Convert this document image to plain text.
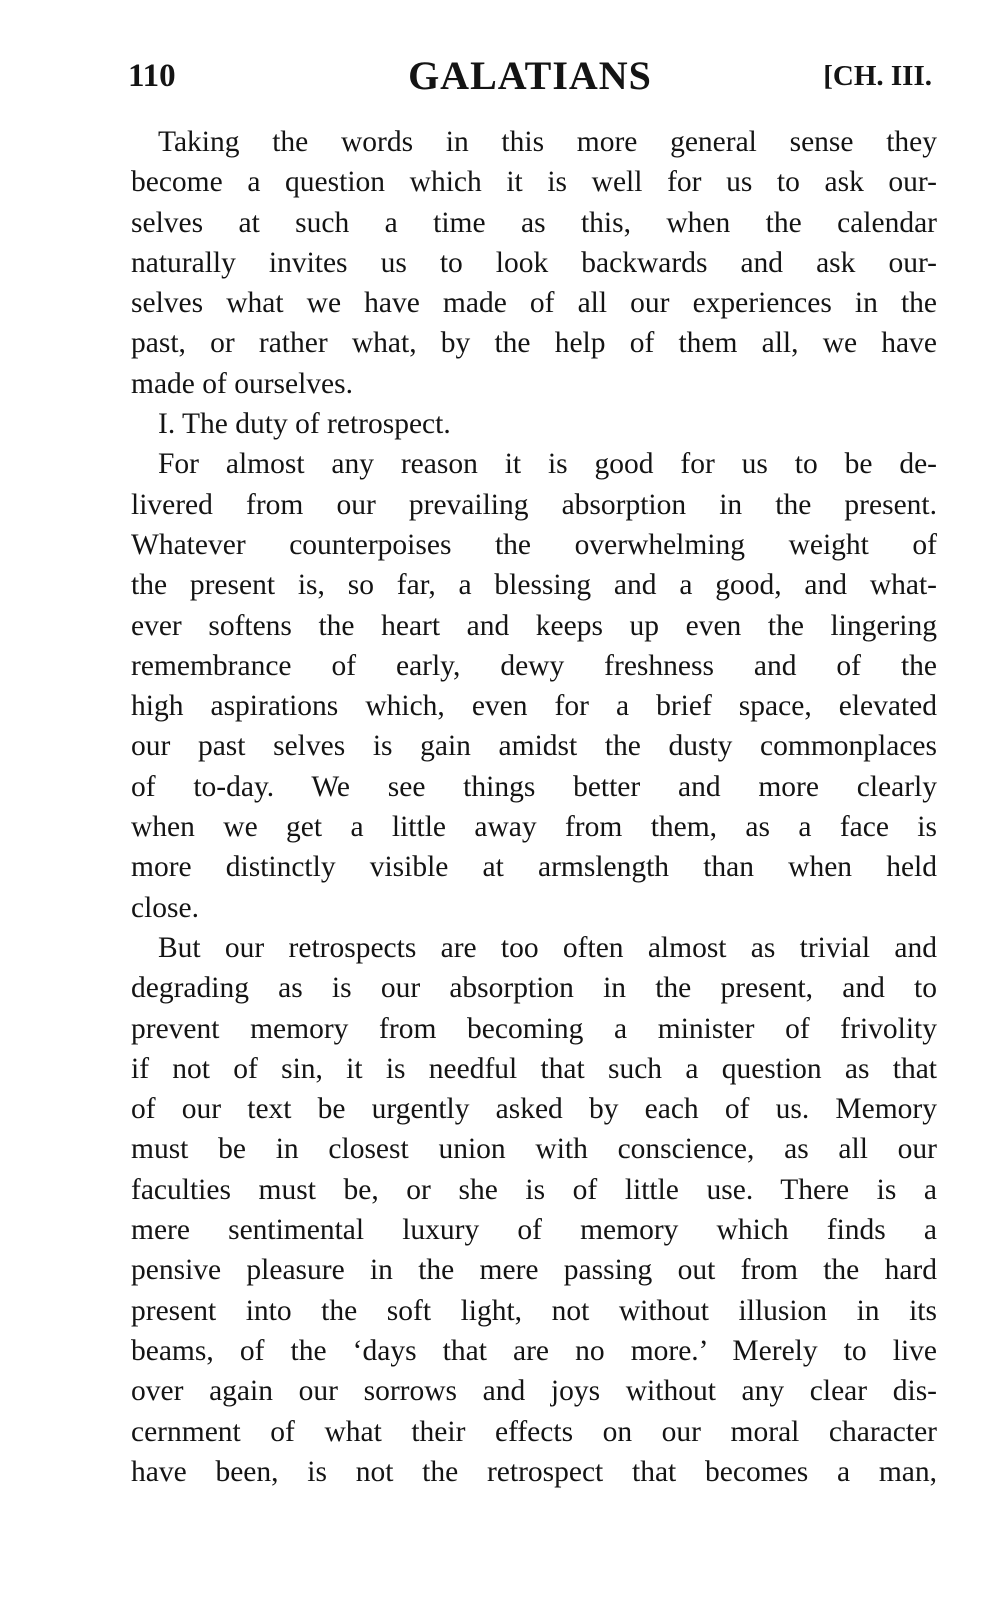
110	GALATIANS	[CH. III.
Taking the words in this more general sense they
become a question which it is well for us to ask our-
selves at such a time as this, when the calendar
naturally invites us to look backwards and ask our-
selves what we have made of all our experiences in the
past, or rather what, by the help of them all, we have
made of ourselves.
I. The duty of retrospect.
For almost any reason it is good for us to be de-
livered from our prevailing absorption in the present.
Whatever counterpoises the overwhelming weight of
the present is, so far, a blessing and a good, and what-
ever softens the heart and keeps up even the lingering
remembrance of early, dewy freshness and of the
high aspirations which, even for a brief space, elevated
our past selves is gain amidst the dusty commonplaces
of to-day. We see things better and more clearly
when we get a little away from them, as a face is
more distinctly visible at armslength than when held
close.
But our retrospects are too often almost as trivial and
degrading as is our absorption in the present, and to
prevent memory from becoming a minister of frivolity
if not of sin, it is needful that such a question as that
of our text be urgently asked by each of us. Memory
must be in closest union with conscience, as all our
faculties must be, or she is of little use. There is a
mere sentimental luxury of memory which finds a
pensive pleasure in the mere passing out from the hard
present into the soft light, not without illusion in its
beams, of the ‘days that are no more.’ Merely to live
over again our sorrows and joys without any clear dis-
cernment of what their effects on our moral character
have been, is not the retrospect that becomes a man,
